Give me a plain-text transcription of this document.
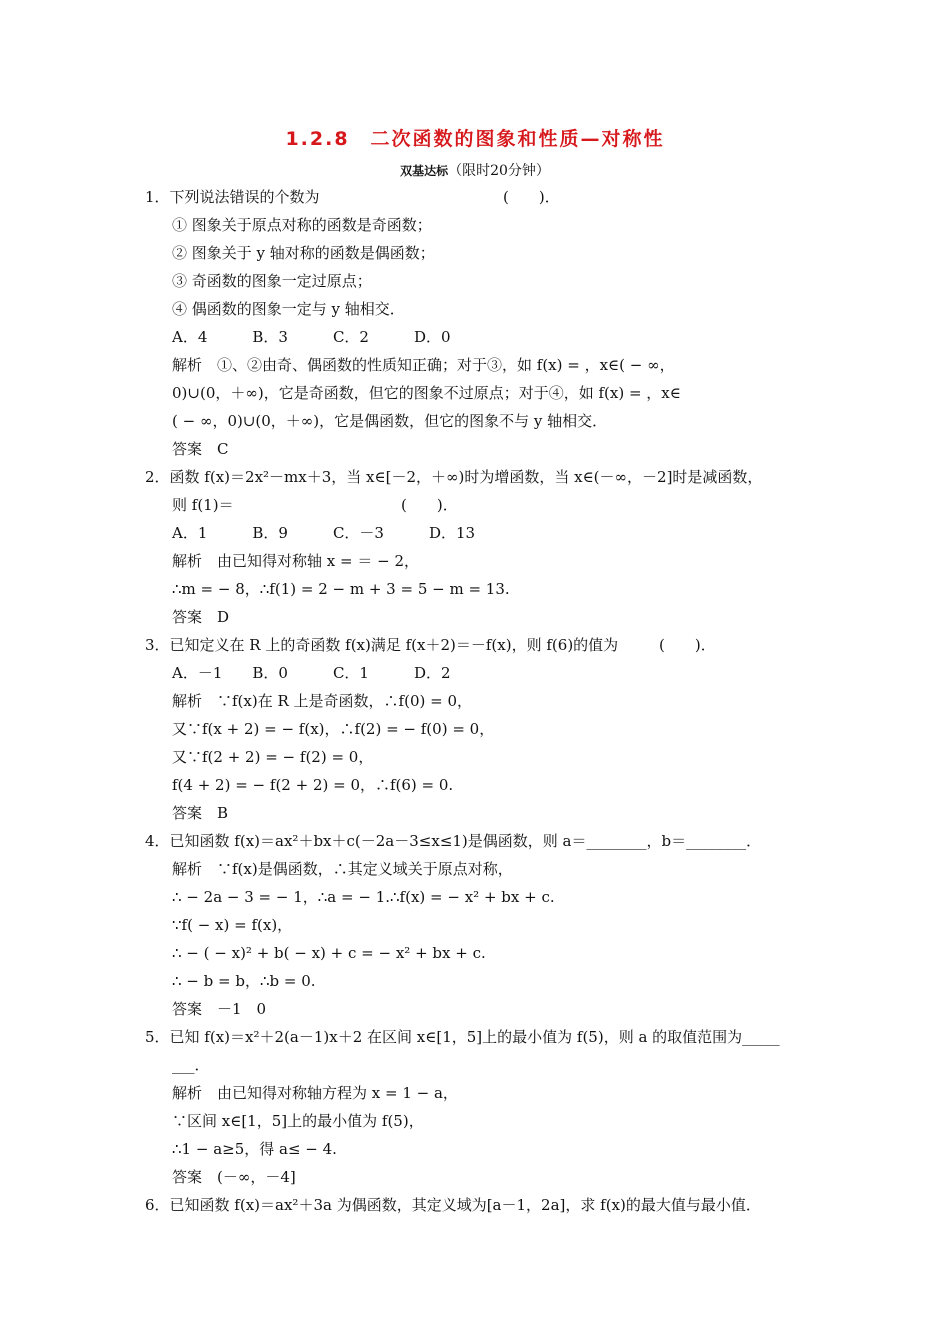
1.2.8　二次函数的图象和性质—对称性
双基达标（限时20分钟）
1．下列说法错误的个数为	(　　)．
① 图象关于原点对称的函数是奇函数；
② 图象关于 y 轴对称的函数是偶函数；
③ 奇函数的图象一定过原点；
④ 偶函数的图象一定与 y 轴相交．
A．4　　　B．3　　　C．2　　　D．0
解析　①、②由奇、偶函数的性质知正确；对于③，如 f(x) = ，x∈( − ∞，
0)∪(0，＋∞)，它是奇函数，但它的图象不过原点；对于④，如 f(x) = ，x∈
( − ∞，0)∪(0，＋∞)，它是偶函数，但它的图象不与 y 轴相交．
答案　C
2．函数 f(x)＝2x²－mx＋3，当 x∈[－2，＋∞)时为增函数，当 x∈(－∞，－2]时是减函数，
则 f(1)＝	(　　)．
A．1　　　B．9　　　C．－3　　　D．13
解析　由已知得对称轴 x = ＝ − 2，
∴m = − 8，∴f(1) = 2 − m + 3 = 5 − m = 13.
答案　D
3．已知定义在 R 上的奇函数 f(x)满足 f(x＋2)＝－f(x)，则 f(6)的值为	(　　)．
A．－1　　B．0　　　C．1　　　D．2
解析　∵f(x)在 R 上是奇函数，∴f(0) = 0，
又∵f(x + 2) = − f(x)，∴f(2) = − f(0) = 0，
又∵f(2 + 2) = − f(2) = 0，
f(4 + 2) = − f(2 + 2) = 0，∴f(6) = 0.
答案　B
4．已知函数 f(x)＝ax²＋bx＋c(－2a－3≤x≤1)是偶函数，则 a＝________，b＝________．
解析　∵f(x)是偶函数，∴其定义域关于原点对称，
∴ − 2a − 3 = − 1，∴a = − 1.∴f(x) = − x² + bx + c.
∵f( − x) = f(x)，
∴ − ( − x)² + b( − x) + c = − x² + bx + c.
∴ − b = b，∴b = 0.
答案　－1　0
5．已知 f(x)＝x²＋2(a－1)x＋2 在区间 x∈[1，5]上的最小值为 f(5)，则 a 的取值范围为_____
___．
解析　由已知得对称轴方程为 x = 1 − a，
∵区间 x∈[1，5]上的最小值为 f(5)，
∴1 − a≥5，得 a≤ − 4.
答案　(－∞，－4]
6．已知函数 f(x)＝ax²＋3a 为偶函数，其定义域为[a－1，2a]，求 f(x)的最大值与最小值．
